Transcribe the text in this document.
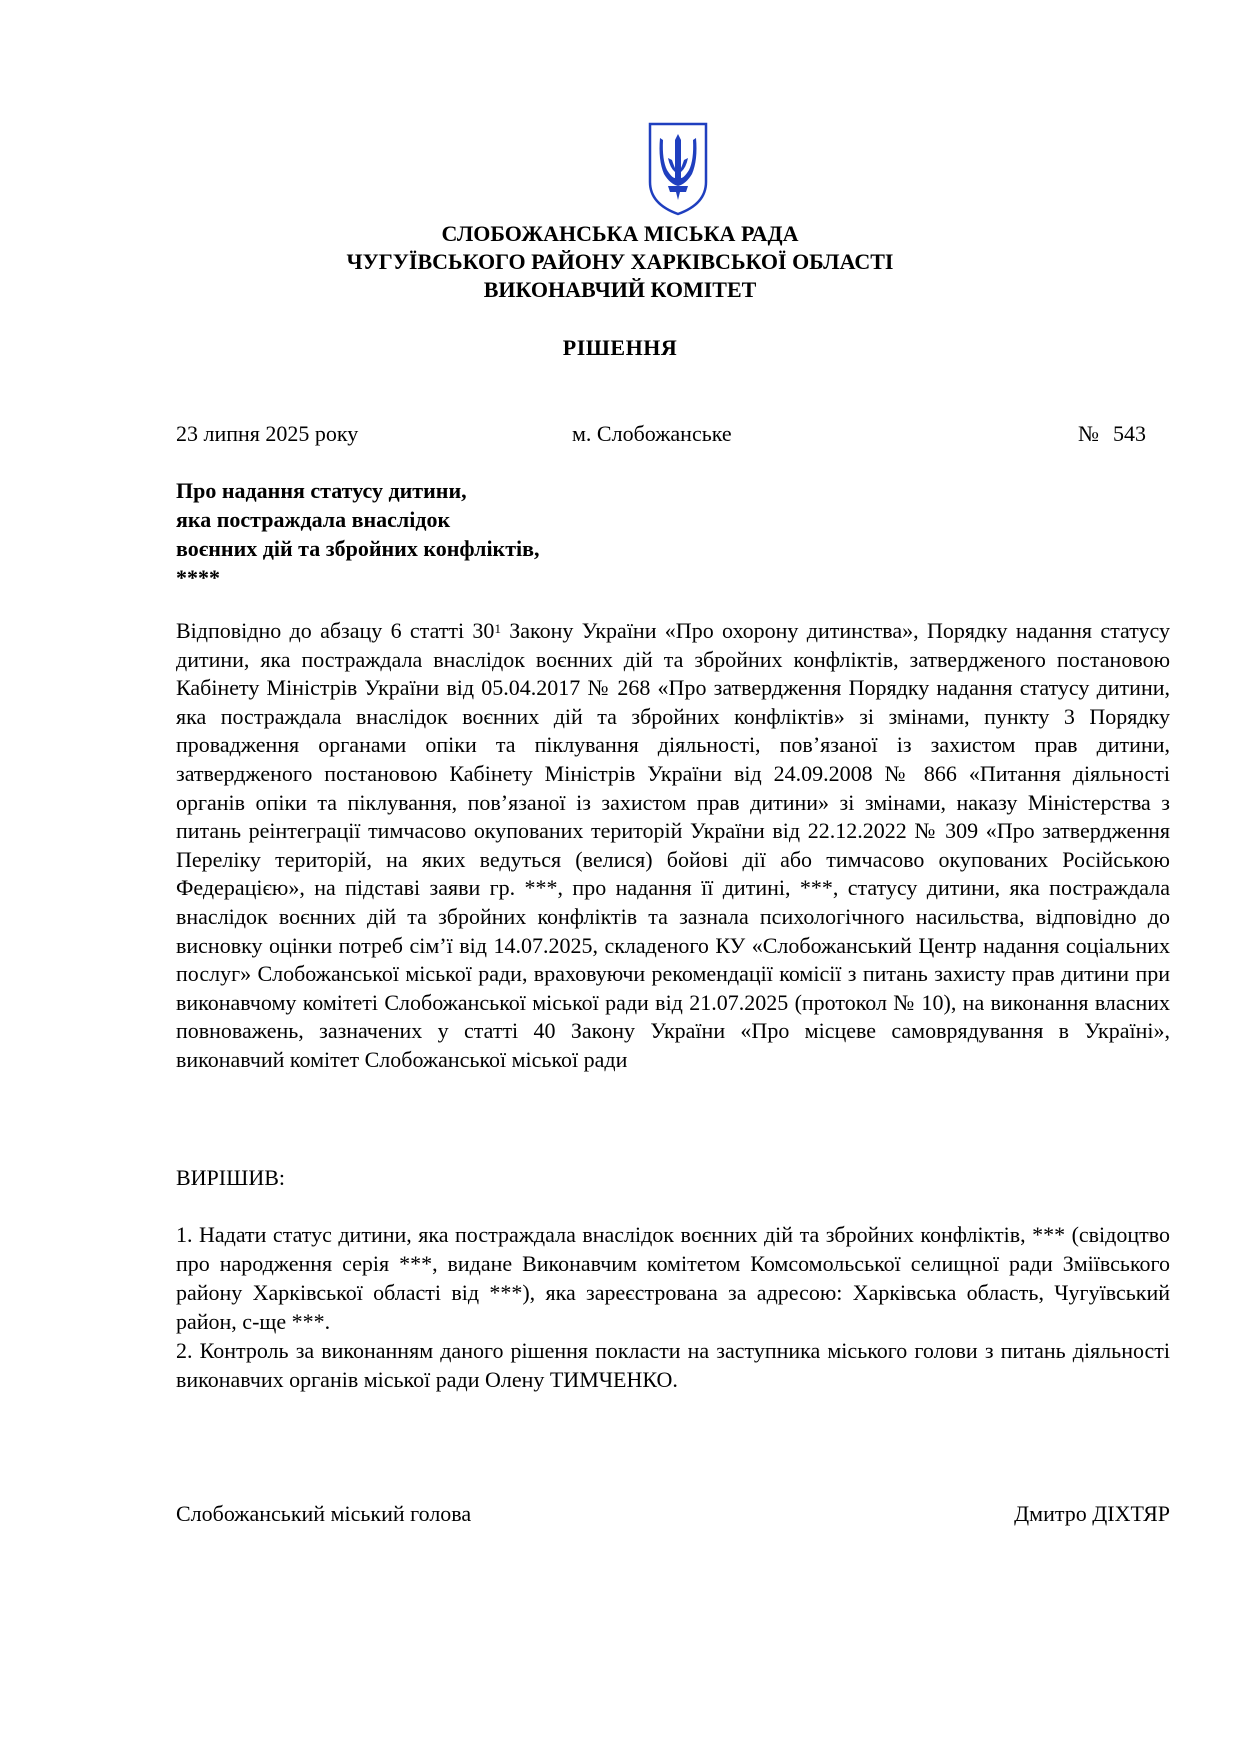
СЛОБОЖАНСЬКА МІСЬКА РАДА
ЧУГУЇВСЬКОГО РАЙОНУ ХАРКІВСЬКОЇ ОБЛАСТІ
ВИКОНАВЧИЙ КОМІТЕТ
РІШЕННЯ
23 липня 2025 року	м. Слобожанське	№ 543
Про надання статусу дитини,
яка постраждала внаслідок
воєнних дій та збройних конфліктів,
****

Відповідно до абзацу 6 статті $30^1$ Закону України «Про охорону дитинства», Порядку надання статусу дитини, яка постраждала внаслідок воєнних дій та збройних конфліктів, затвердженого постановою Кабінету Міністрів України від 05.04.2017 № 268 «Про затвердження Порядку надання статусу дитини, яка постраждала внаслідок воєнних дій та збройних конфліктів» зі змінами, пункту 3 Порядку провадження органами опіки та піклування діяльності, пов’язаної із захистом прав дитини, затвердженого постановою Кабінету Міністрів України від 24.09.2008 № 866 «Питання діяльності органів опіки та піклування, пов’язаної із захистом прав дитини» зі змінами, наказу Міністерства з питань реінтеграції тимчасово окупованих територій України від 22.12.2022 № 309 «Про затвердження Переліку територій, на яких ведуться (велися) бойові дії або тимчасово окупованих Російською Федерацією», на підставі заяви гр. ***, про надання її дитині, ***, статусу дитини, яка постраждала внаслідок воєнних дій та збройних конфліктів та зазнала психологічного насильства, відповідно до висновку оцінки потреб сім’ї від 14.07.2025, складеного КУ «Слобожанський Центр надання соціальних послуг» Слобожанської міської ради, враховуючи рекомендації комісії з питань захисту прав дитини при виконавчому комітеті Слобожанської міської ради від 21.07.2025 (протокол № 10), на виконання власних повноважень, зазначених у статті 40 Закону України «Про місцеве самоврядування в Україні», виконавчий комітет Слобожанської міської ради

ВИРІШИВ:

1. Надати статус дитини, яка постраждала внаслідок воєнних дій та збройних конфліктів, *** (свідоцтво про народження серія ***, видане Виконавчим комітетом Комсомольської селищної ради Зміївського району Харківської області від ***), яка зареєстрована за адресою: Харківська область, Чугуївський район, с-ще ***.

2. Контроль за виконанням даного рішення покласти на заступника міського голови з питань діяльності виконавчих органів міської ради Олену ТИМЧЕНКО.

Слобожанський міський голова	Дмитро ДІХТЯР
